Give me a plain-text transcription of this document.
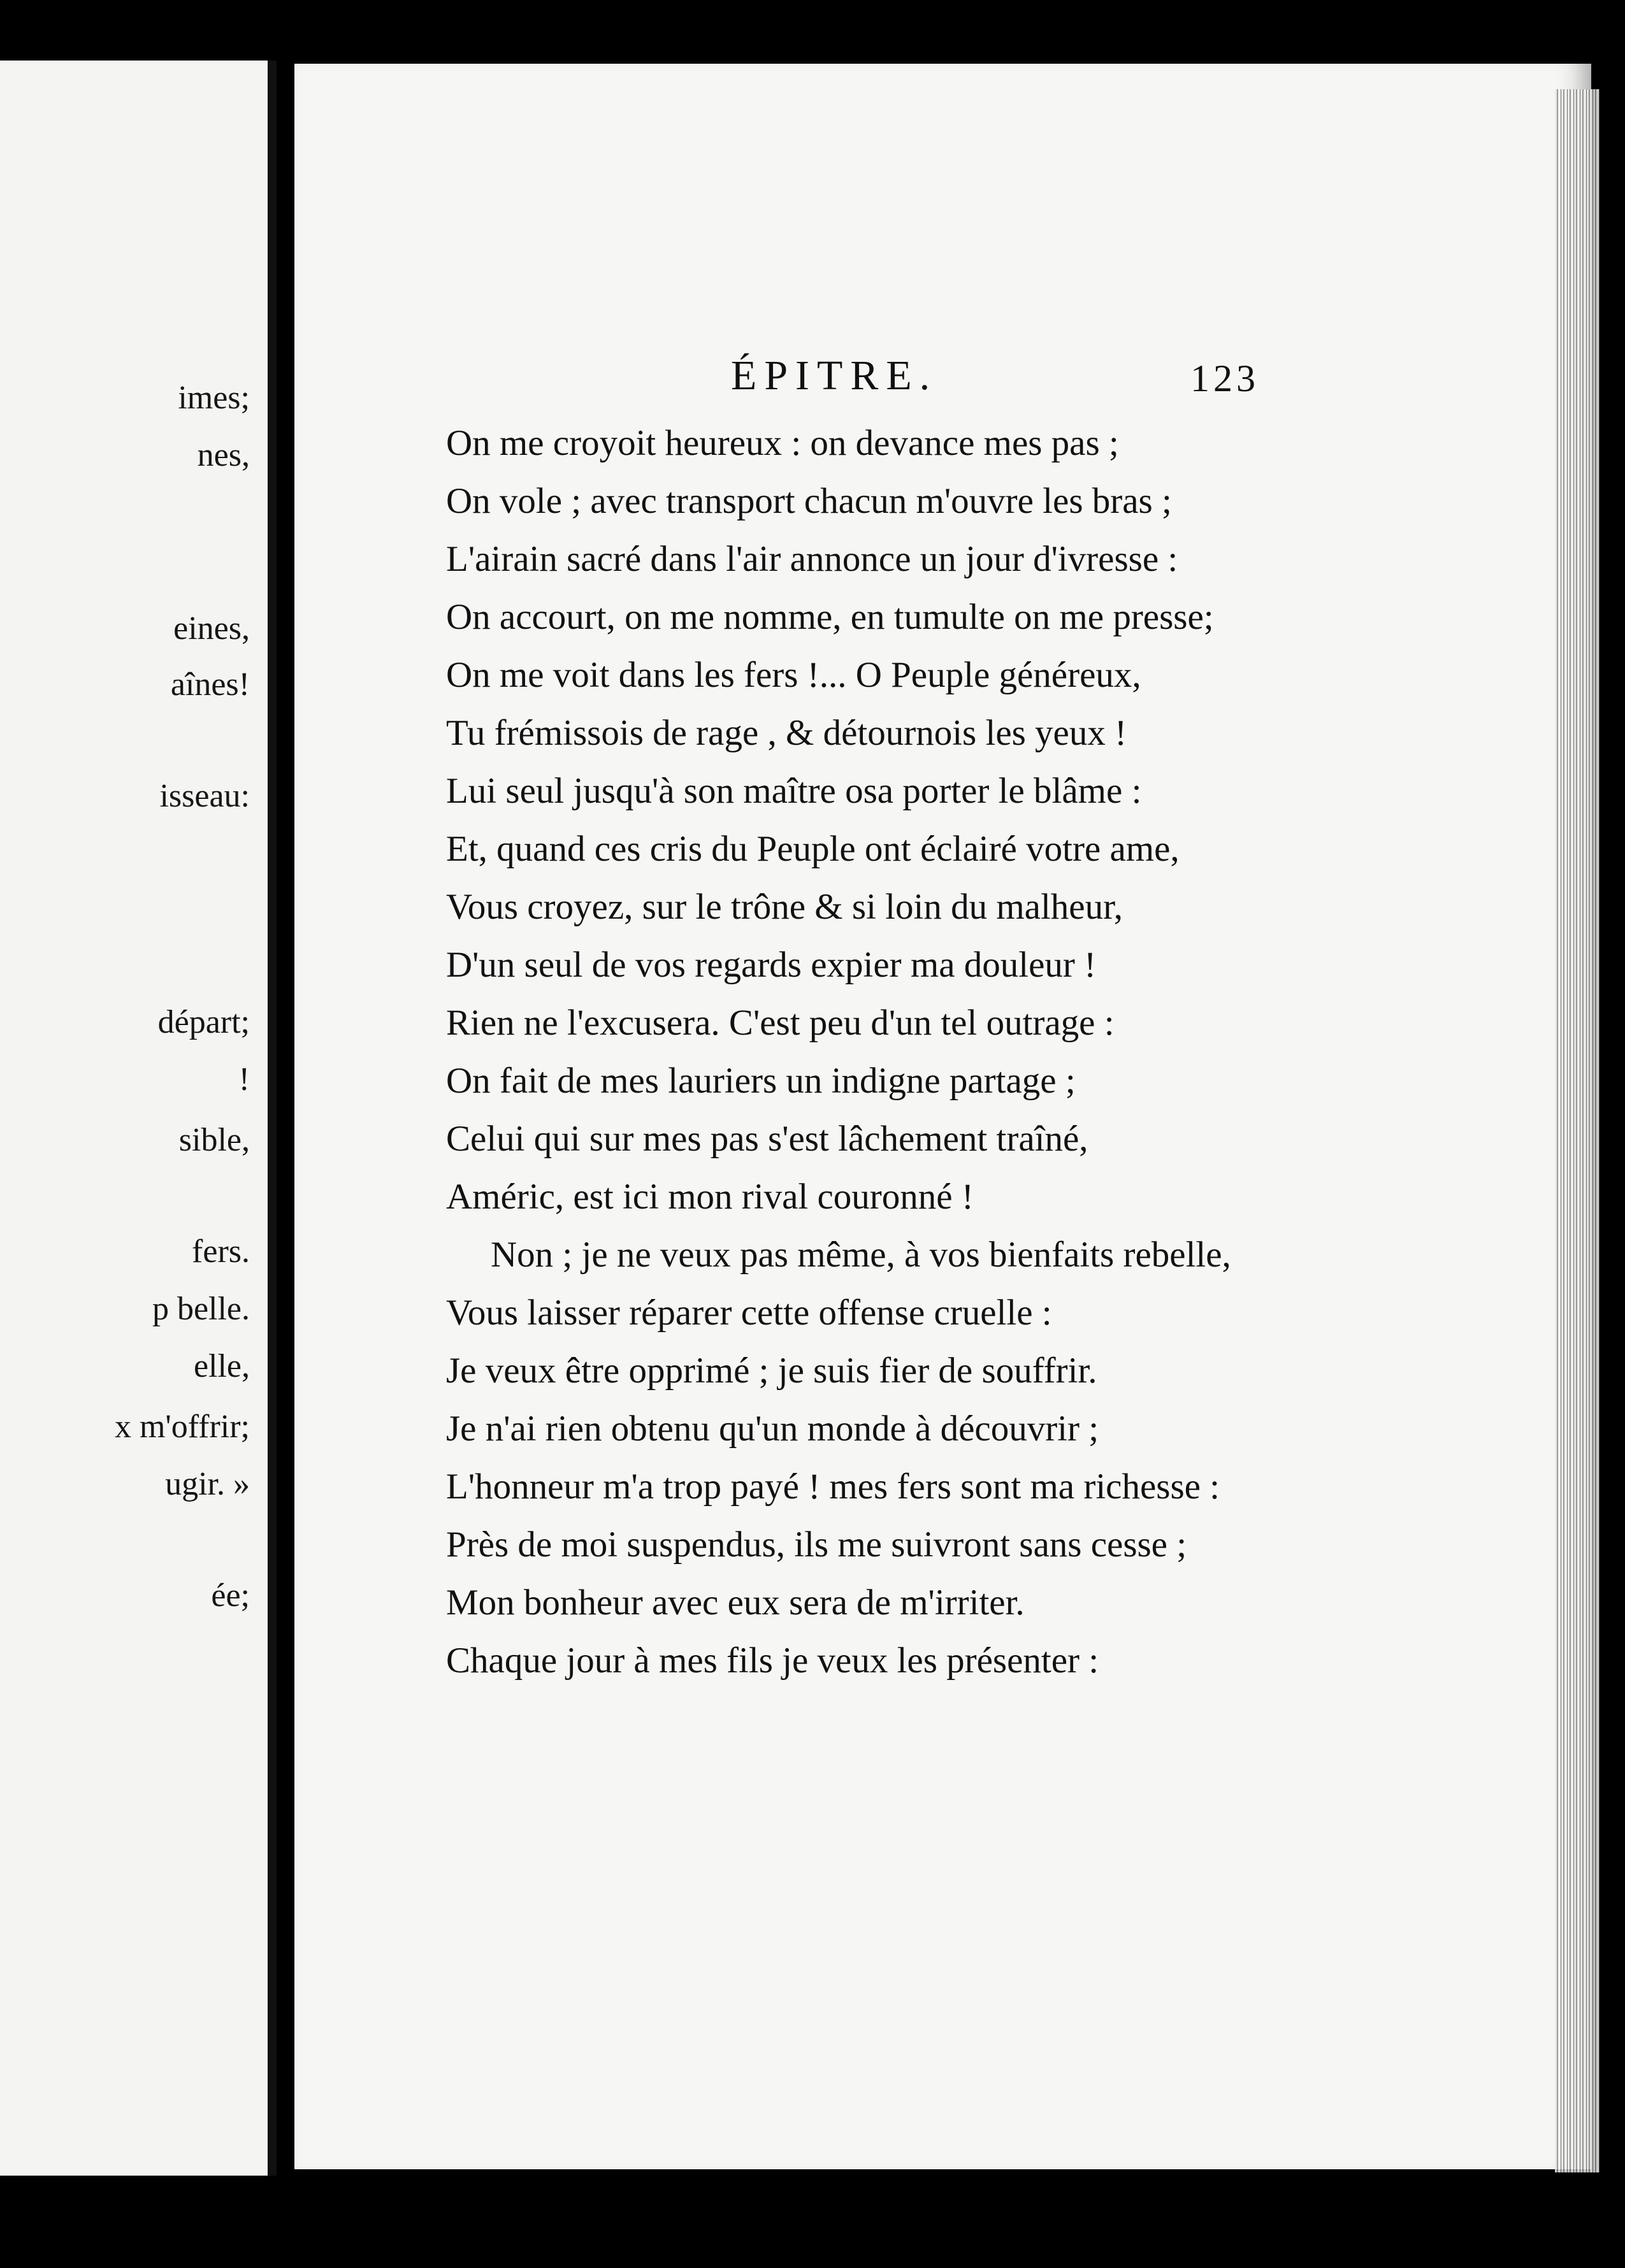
imes;
nes,
eines,
aînes!
isseau:
départ;
!
sible,
fers.
p belle.
elle,
x m'offrir;
ugir. »
ée;
ÉPITRE.	123
On me croyoit heureux : on devance mes pas ;
On vole ; avec transport chacun m'ouvre les bras ;
L'airain sacré dans l'air annonce un jour d'ivresse :
On accourt, on me nomme, en tumulte on me presse;
On me voit dans les fers !... O Peuple généreux,
Tu frémissois de rage , & détournois les yeux !
Lui seul jusqu'à son maître osa porter le blâme :
Et, quand ces cris du Peuple ont éclairé votre ame,
Vous croyez, sur le trône & si loin du malheur,
D'un seul de vos regards expier ma douleur !
Rien ne l'excusera. C'est peu d'un tel outrage :
On fait de mes lauriers un indigne partage ;
Celui qui sur mes pas s'est lâchement traîné,
Améric, est ici mon rival couronné !
Non ; je ne veux pas même, à vos bienfaits rebelle,
Vous laisser réparer cette offense cruelle :
Je veux être opprimé ; je suis fier de souffrir.
Je n'ai rien obtenu qu'un monde à découvrir ;
L'honneur m'a trop payé ! mes fers sont ma richesse :
Près de moi suspendus, ils me suivront sans cesse ;
Mon bonheur avec eux sera de m'irriter.
Chaque jour à mes fils je veux les présenter :
